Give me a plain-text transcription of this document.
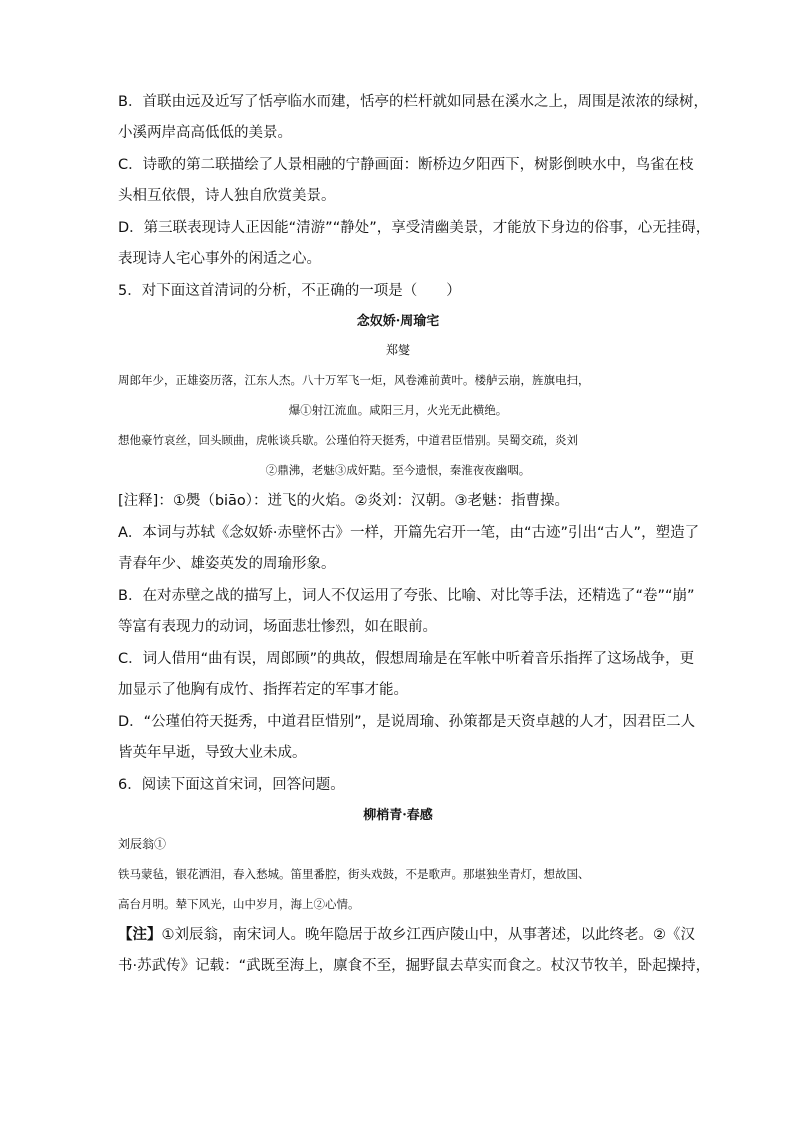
B．首联由远及近写了恬亭临水而建，恬亭的栏杆就如同悬在溪水之上，周围是浓浓的绿树，
小溪两岸高高低低的美景。
C．诗歌的第二联描绘了人景相融的宁静画面：断桥边夕阳西下，树影倒映水中，鸟雀在枝
头相互依偎，诗人独自欣赏美景。
D．第三联表现诗人正因能“清游”“静处”，享受清幽美景，才能放下身边的俗事，心无挂碍，
表现诗人宅心事外的闲适之心。
5．对下面这首清词的分析，不正确的一项是（　　）
念奴娇·周瑜宅
郑燮
周郎年少，正雄姿历落，江东人杰。八十万军飞一炬，风卷滩前黄叶。楼舻云崩，旌旗电扫，
爆①射江流血。咸阳三月，火光无此横绝。
想他豪竹哀丝，回头顾曲，虎帐谈兵歇。公瑾伯符天挺秀，中道君臣惜别。吴蜀交疏，炎刘
②鼎沸，老魅③成奸黠。至今遗恨，秦淮夜夜幽咽。
[注释]：①爂（biāo）：迸飞的火焰。②炎刘：汉朝。③老魅：指曹操。
A．本词与苏轼《念奴娇·赤壁怀古》一样，开篇先宕开一笔，由“古迹”引出“古人”，塑造了
青春年少、雄姿英发的周瑜形象。
B．在对赤壁之战的描写上，词人不仅运用了夸张、比喻、对比等手法，还精选了“卷”“崩”
等富有表现力的动词，场面悲壮惨烈，如在眼前。
C．词人借用“曲有误，周郎顾”的典故，假想周瑜是在军帐中听着音乐指挥了这场战争，更
加显示了他胸有成竹、指挥若定的军事才能。
D．“公瑾伯符天挺秀，中道君臣惜别”，是说周瑜、孙策都是天资卓越的人才，因君臣二人
皆英年早逝，导致大业未成。
6．阅读下面这首宋词，回答问题。
柳梢青·春感
刘辰翁①
铁马蒙毡，银花洒泪，春入愁城。笛里番腔，街头戏鼓，不是歌声。那堪独坐青灯，想故国、
高台月明。辇下风光，山中岁月，海上②心情。
【注】①刘辰翁，南宋词人。晚年隐居于故乡江西庐陵山中，从事著述，以此终老。②《汉
书·苏武传》记载：“武既至海上，廪食不至，掘野鼠去草实而食之。杖汉节牧羊，卧起操持，
